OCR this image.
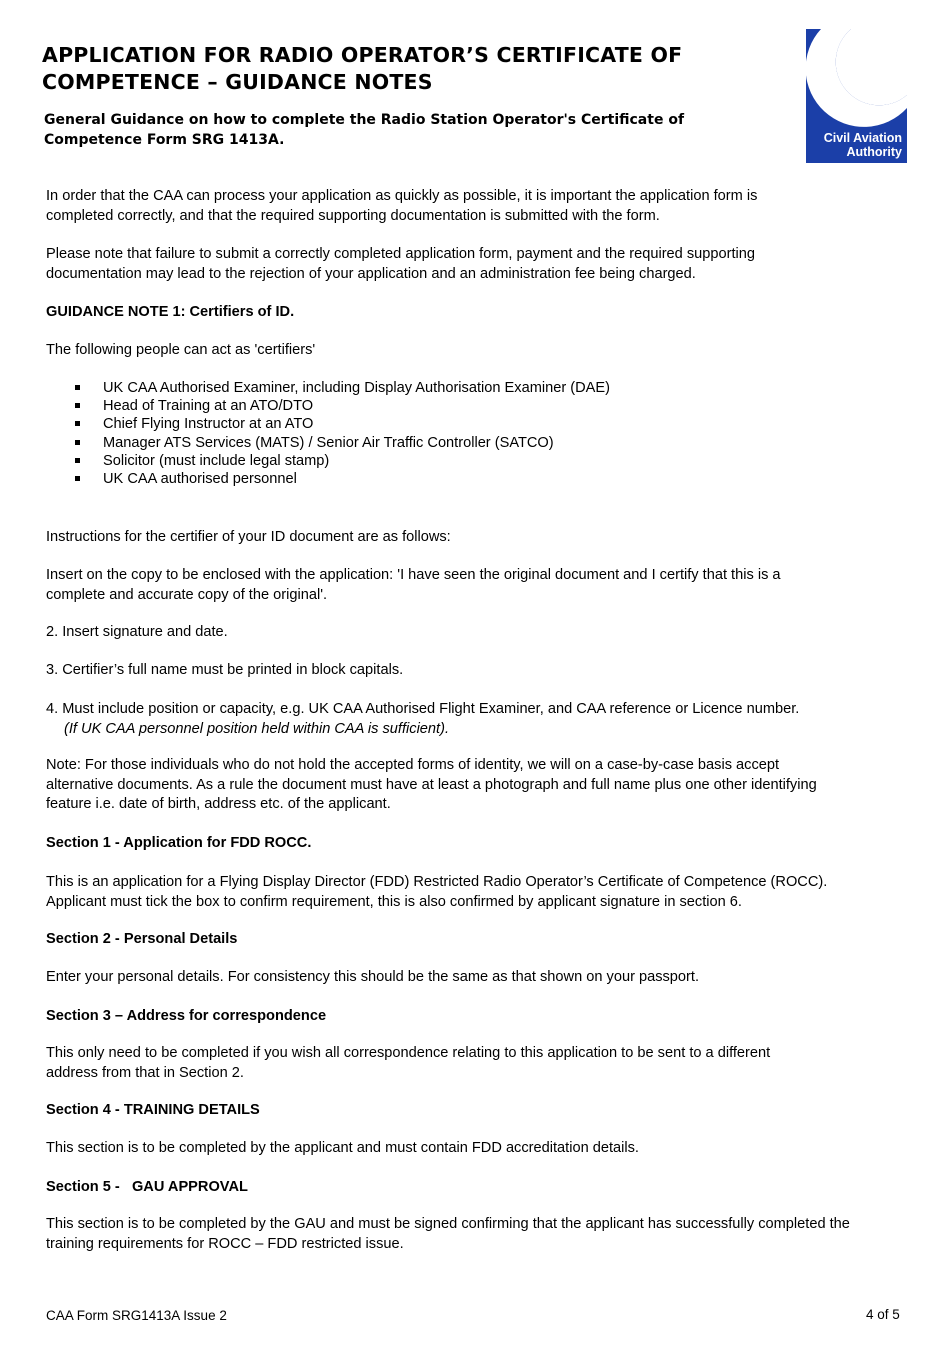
APPLICATION FOR RADIO OPERATOR’S CERTIFICATE OF
COMPETENCE – GUIDANCE NOTES
General Guidance on how to complete the Radio Station Operator's Certificate of
Competence Form SRG 1413A.	Civil Aviation
Authority
In order that the CAA can process your application as quickly as possible, it is important the application form is
completed correctly, and that the required supporting documentation is submitted with the form.
Please note that failure to submit a correctly completed application form, payment and the required supporting
documentation may lead to the rejection of your application and an administration fee being charged.
GUIDANCE NOTE 1: Certifiers of ID.
The following people can act as 'certifiers'
UK CAA Authorised Examiner, including Display Authorisation Examiner (DAE)
Head of Training at an ATO/DTO
Chief Flying Instructor at an ATO
Manager ATS Services (MATS) / Senior Air Traffic Controller (SATCO)
Solicitor (must include legal stamp)
UK CAA authorised personnel
Instructions for the certifier of your ID document are as follows:
Insert on the copy to be enclosed with the application: 'I have seen the original document and I certify that this is a
complete and accurate copy of the original'.
2. Insert signature and date.
3. Certifier’s full name must be printed in block capitals.
4. Must include position or capacity, e.g. UK CAA Authorised Flight Examiner, and CAA reference or Licence number.
(If UK CAA personnel position held within CAA is sufficient).
Note: For those individuals who do not hold the accepted forms of identity, we will on a case-by-case basis accept
alternative documents. As a rule the document must have at least a photograph and full name plus one other identifying
feature i.e. date of birth, address etc. of the applicant.
Section 1 - Application for FDD ROCC.
This is an application for a Flying Display Director (FDD) Restricted Radio Operator’s Certificate of Competence (ROCC).
Applicant must tick the box to confirm requirement, this is also confirmed by applicant signature in section 6.
Section 2 - Personal Details
Enter your personal details. For consistency this should be the same as that shown on your passport.
Section 3 – Address for correspondence
This only need to be completed if you wish all correspondence relating to this application to be sent to a different
address from that in Section 2.
Section 4 - TRAINING DETAILS
This section is to be completed by the applicant and must contain FDD accreditation details.
Section 5 -   GAU APPROVAL
This section is to be completed by the GAU and must be signed confirming that the applicant has successfully completed the
training requirements for ROCC – FDD restricted issue.
CAA Form SRG1413A Issue 2	4 of 5
